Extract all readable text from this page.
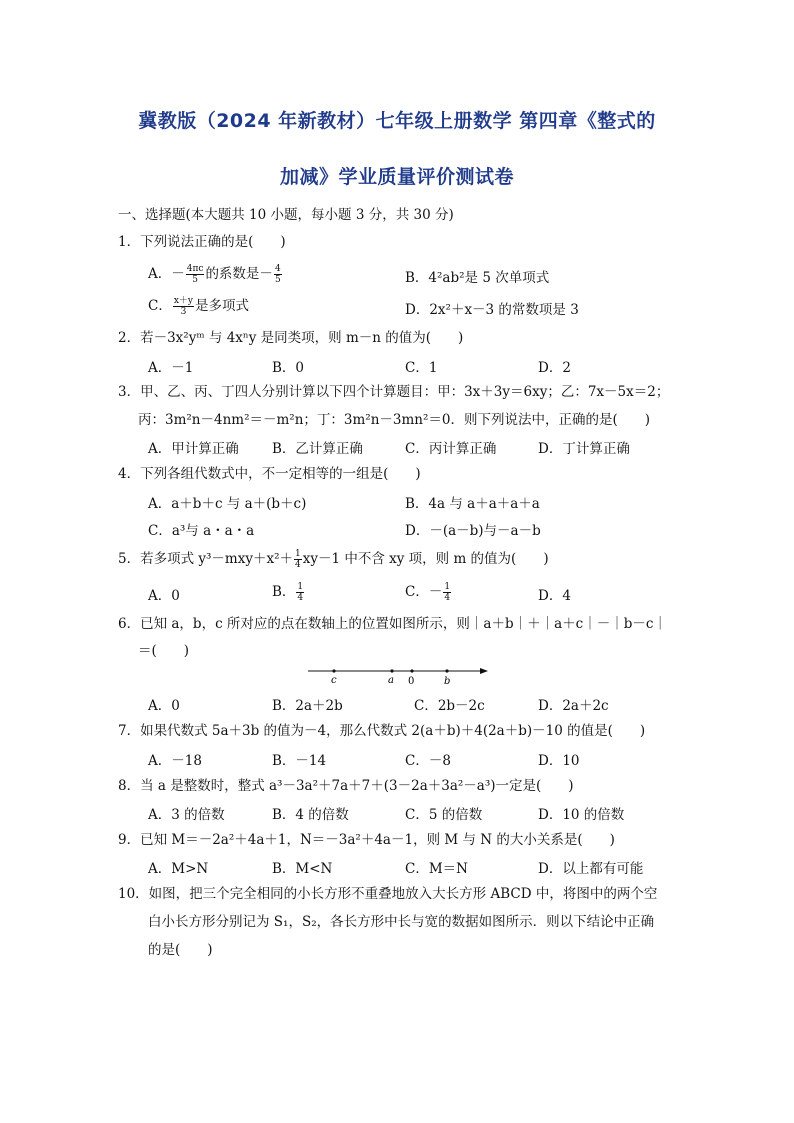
冀教版（2024 年新教材）七年级上册数学 第四章《整式的
加减》学业质量评价测试卷
一、选择题(本大题共 10 小题，每小题 3 分，共 30 分)
1．下列说法正确的是(　　)
A．－ $\frac{4\pi c}{5}$ 的系数是－ $\frac{4}{5}$	B．4²ab²是 5 次单项式
C． $\frac{x+y}{3}$ 是多项式	D．2x²＋x－3 的常数项是 3
2．若－3x²yᵐ 与 4xⁿy 是同类项，则 m－n 的值为(　　)
A．－1	B．0	C．1	D．2
3．甲、乙、丙、丁四人分别计算以下四个计算题目：甲：3x＋3y＝6xy；乙：7x－5x＝2；
丙：3m²n－4nm²＝－m²n；丁：3m²n－3mn²＝0．则下列说法中，正确的是(　　)
A．甲计算正确 B．乙计算正确	C．丙计算正确	D．丁计算正确
4．下列各组代数式中，不一定相等的一组是(　　)
A．a＋b＋c 与 a＋(b＋c)	B．4a 与 a＋a＋a＋a
C．a³与 a・a・a	D．－(a－b)与－a－b
5．若多项式 $y^3-mxy+x^2+ \frac{1}{4} xy-1$ 中不含 xy 项，则 m 的值为(　　)
A．0	B． $\frac{1}{4}$	C．－ $\frac{1}{4}$	D．4
6．已知 a，b，c 所对应的点在数轴上的位置如图所示，则｜a＋b｜＋｜a＋c｜－｜b－c｜
＝(　　)
c	a 0	b
A．0	B．2a＋2b	C．2b－2c	D．2a＋2c
7．如果代数式 5a＋3b 的值为－4，那么代数式 2(a＋b)＋4(2a＋b)－10 的值是(　　)
A．－18	B．－14	C．－8	D．10
8．当 a 是整数时，整式 a³－3a²＋7a＋7＋(3－2a＋3a²－a³)一定是(　　)
A．3 的倍数	B．4 的倍数	C．5 的倍数	D．10 的倍数
9．已知 M＝－2a²＋4a＋1，N＝－3a²＋4a－1，则 M 与 N 的大小关系是(　　)
A．M>N	B．M<N	C．M＝N	D．以上都有可能
10．如图，把三个完全相同的小长方形不重叠地放入大长方形 ABCD 中，将图中的两个空
白小长方形分别记为 S₁，S₂，各长方形中长与宽的数据如图所示．则以下结论中正确
的是(　　)
